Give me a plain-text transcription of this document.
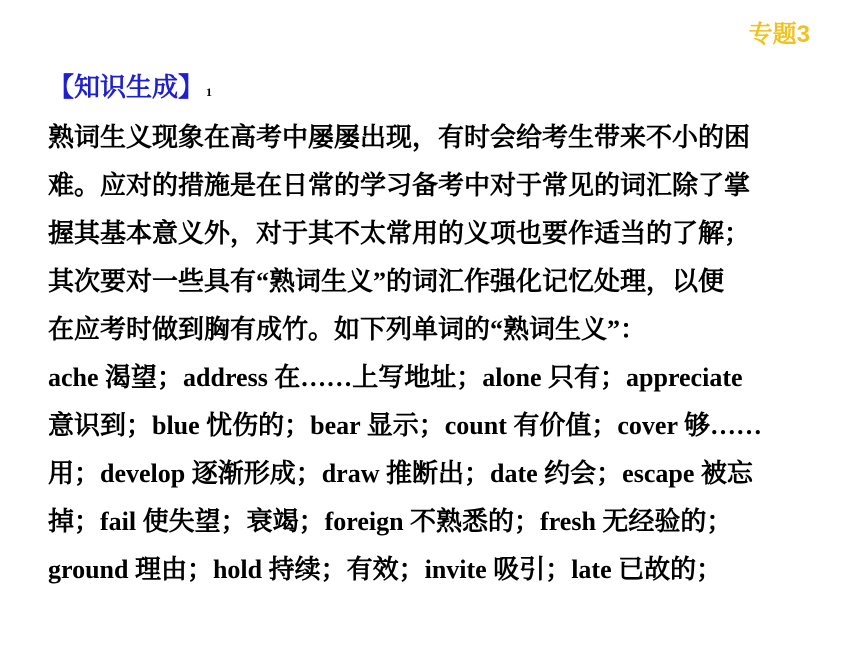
专题3
【知识生成】 1
熟词生义现象在高考中屡屡出现，有时会给考生带来不小的困
难。应对的措施是在日常的学习备考中对于常见的词汇除了掌
握其基本意义外，对于其不太常用的义项也要作适当的了解；
其次要对一些具有“熟词生义”的词汇作强化记忆处理，以便
在应考时做到胸有成竹。如下列单词的“熟词生义”：
ache 渴望；address 在……上写地址；alone 只有；appreciate
意识到；blue 忧伤的；bear 显示；count 有价值；cover 够……
用；develop 逐渐形成；draw 推断出；date 约会；escape 被忘
掉；fail 使失望；衰竭；foreign 不熟悉的；fresh 无经验的；
ground 理由；hold 持续；有效；invite 吸引；late 已故的；
